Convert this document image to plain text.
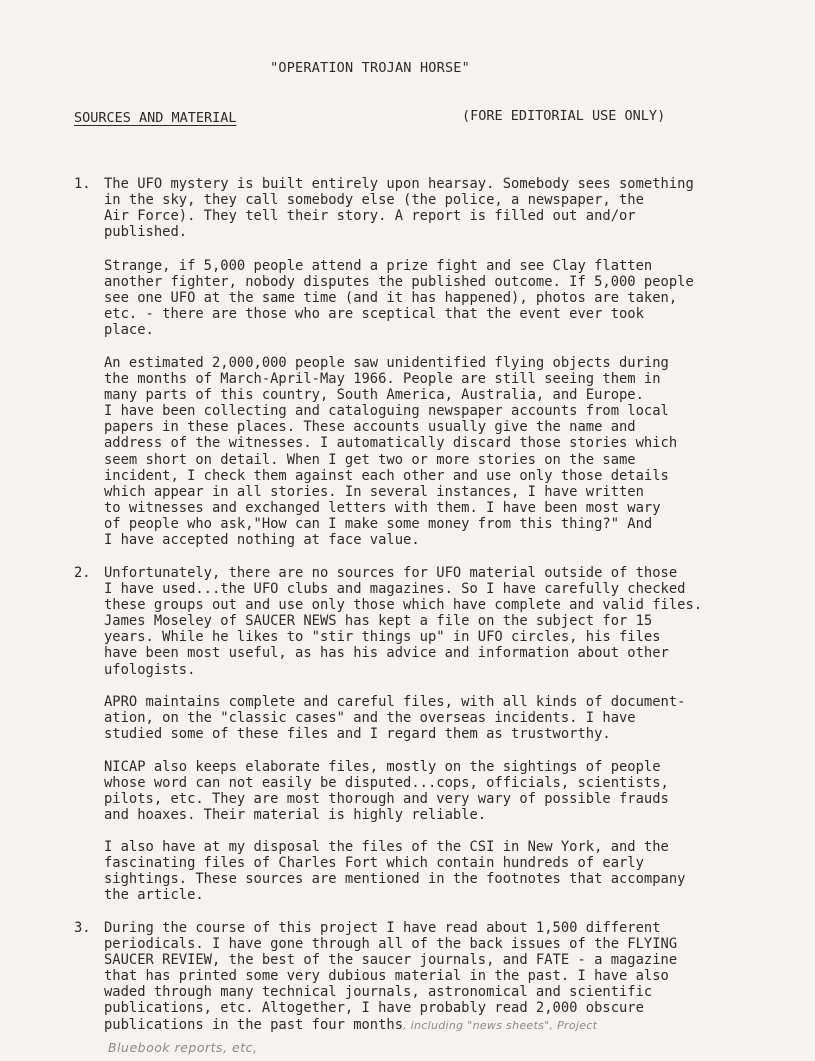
"OPERATION TROJAN HORSE"
SOURCES AND MATERIAL	(FORE EDITORIAL USE ONLY)
1. The UFO mystery is built entirely upon hearsay. Somebody sees something
in the sky, they call somebody else (the police, a newspaper, the
Air Force). They tell their story. A report is filled out and/or
published.
Strange, if 5,000 people attend a prize fight and see Clay flatten
another fighter, nobody disputes the published outcome. If 5,000 people
see one UFO at the same time (and it has happened), photos are taken,
etc. - there are those who are sceptical that the event ever took
place.
An estimated 2,000,000 people saw unidentified flying objects during
the months of March-April-May 1966. People are still seeing them in
many parts of this country, South America, Australia, and Europe.
I have been collecting and cataloguing newspaper accounts from local
papers in these places. These accounts usually give the name and
address of the witnesses. I automatically discard those stories which
seem short on detail. When I get two or more stories on the same
incident, I check them against each other and use only those details
which appear in all stories. In several instances, I have written
to witnesses and exchanged letters with them. I have been most wary
of people who ask,"How can I make some money from this thing?" And
I have accepted nothing at face value.
2. Unfortunately, there are no sources for UFO material outside of those
I have used...the UFO clubs and magazines. So I have carefully checked
these groups out and use only those which have complete and valid files.
James Moseley of SAUCER NEWS has kept a file on the subject for 15
years. While he likes to "stir things up" in UFO circles, his files
have been most useful, as has his advice and information about other
ufologists.
APRO maintains complete and careful files, with all kinds of document-
ation, on the "classic cases" and the overseas incidents. I have
studied some of these files and I regard them as trustworthy.
NICAP also keeps elaborate files, mostly on the sightings of people
whose word can not easily be disputed...cops, officials, scientists,
pilots, etc. They are most thorough and very wary of possible frauds
and hoaxes. Their material is highly reliable.
I also have at my disposal the files of the CSI in New York, and the
fascinating files of Charles Fort which contain hundreds of early
sightings. These sources are mentioned in the footnotes that accompany
the article.
3. During the course of this project I have read about 1,500 different
periodicals. I have gone through all of the back issues of the FLYING
SAUCER REVIEW, the best of the saucer journals, and FATE - a magazine
that has printed some very dubious material in the past. I have also
waded through many technical journals, astronomical and scientific
publications, etc. Altogether, I have probably read 2,000 obscure
publications in the past four months, including "news sheets", Project
Bluebook reports, etc,
